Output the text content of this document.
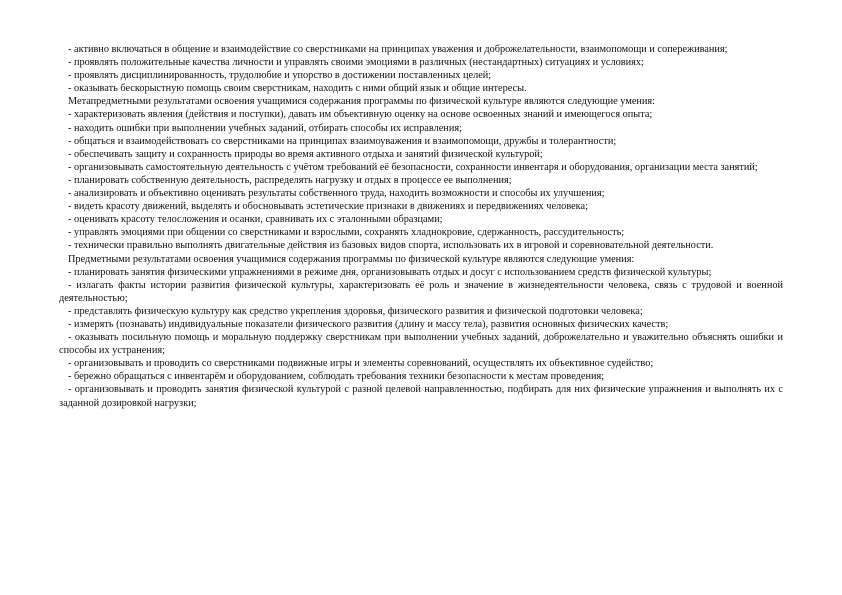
- активно включаться в общение и взаимодействие со сверстниками на принципах уважения и доброжелательности, взаимопомощи и сопереживания;

- проявлять положительные качества личности и управлять своими эмоциями в различных (нестандартных) ситуациях и условиях;

- проявлять дисциплинированность, трудолюбие и упорство в достижении поставленных целей;

- оказывать бескорыстную помощь своим сверстникам, находить с ними общий язык и общие интересы.

Метапредметными результатами освоения учащимися содержания программы по физической культуре являются следующие умения:

- характеризовать явления (действия и поступки), давать им объективную оценку на основе освоенных знаний и имеющегося опыта;

- находить ошибки при выполнении учебных заданий, отбирать способы их исправления;

- общаться и взаимодействовать со сверстниками на принципах взаимоуважения и взаимопомощи, дружбы и толерантности;

- обеспечивать защиту и сохранность природы во время активного отдыха и занятий физической культурой;

- организовывать самостоятельную деятельность с учётом требований её безопасности, сохранности инвентаря и оборудования, организации места занятий;

- планировать собственную деятельность, распределять нагрузку и отдых в процессе ее выполнения;

- анализировать и объективно оценивать результаты собственного труда, находить возможности и способы их улучшения;

- видеть красоту движений, выделять и обосновывать эстетические признаки в движениях и передвижениях человека;

- оценивать красоту телосложения и осанки, сравнивать их с эталонными образцами;

- управлять эмоциями при общении со сверстниками и взрослыми, сохранять хладнокровие, сдержанность, рассудительность;

- технически правильно выполнять двигательные действия из базовых видов спорта, использовать их в игровой и соревновательной деятельности.

Предметными результатами освоения учащимися содержания программы по физической культуре являются следующие умения:

- планировать занятия физическими упражнениями в режиме дня, организовывать отдых и досуг с использованием средств физической культуры;

- излагать факты истории развития физической культуры, характеризовать её роль и значение в жизнедеятельности человека, связь с трудовой и военной деятельностью;

- представлять физическую культуру как средство укрепления здоровья, физического развития и физической подготовки человека;

- измерять (познавать) индивидуальные показатели физического развития (длину и массу тела), развития основных физических качеств;

- оказывать посильную помощь и моральную поддержку сверстникам при выполнении учебных заданий, доброжелательно и уважительно объяснять ошибки и способы их устранения;

- организовывать и проводить со сверстниками подвижные игры и элементы соревнований, осуществлять их объективное судейство;

- бережно обращаться с инвентарём и оборудованием, соблюдать требования техники безопасности к местам проведения;

- организовывать и проводить занятия физической культурой с разной целевой направленностью, подбирать для них физические упражнения и выполнять их с заданной дозировкой нагрузки;
